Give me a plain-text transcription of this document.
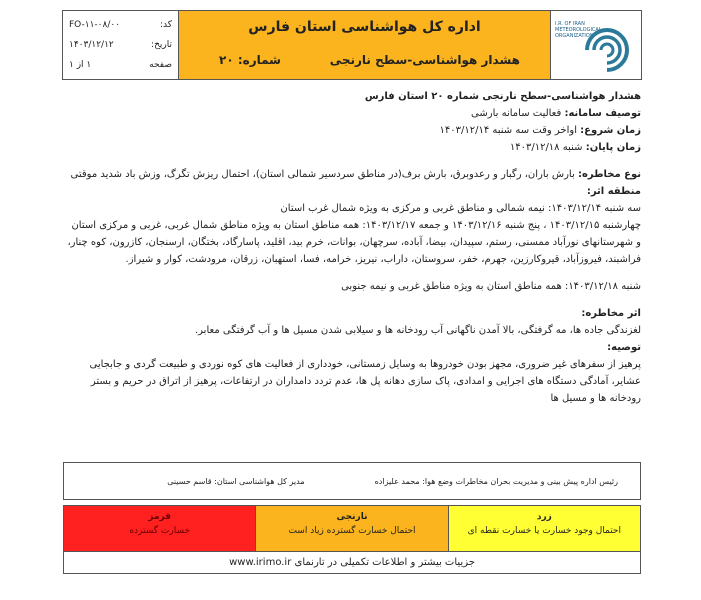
I.R. OF IRAN
METEOROLOGICAL
ORGANIZATION
اداره کل هواشناسی استان فارس
هشدار هواشناسی-سطح نارنجی
شماره: ۲۰
کد:
FO-۱۱-۰۸/۰۰
تاریخ:
۱۴۰۳/۱۲/۱۲
صفحه
۱ از ۱
هشدار هواشناسی-سطح نارنجی شماره ۲۰ استان فارس
توصیف سامانه: فعالیت سامانه بارشی
زمان شروع: اواخر وقت سه شنبه ۱۴۰۳/۱۲/۱۴
زمان پایان: شنبه ۱۴۰۳/۱۲/۱۸
نوع مخاطره: بارش باران، رگبار و رعدوبرق، بارش برف(در مناطق سردسیر شمالی استان)، احتمال ریزش تگرگ، وزش باد شدید موقتی
منطقه اثر:
سه شنبه ۱۴۰۳/۱۲/۱۴: نیمه شمالی و مناطق غربی و مرکزی به ویژه شمال غرب استان
چهارشنبه ۱۴۰۳/۱۲/۱۵ ، پنج شنبه ۱۴۰۳/۱۲/۱۶ و جمعه ۱۴۰۳/۱۲/۱۷: همه مناطق استان به ویژه مناطق شمال غربی، غربی و مرکزی استان
و شهرستانهای نورآباد ممسنی، رستم، سپیدان، بیضا، آباده، سرچهان، بوانات، خرم بید، اقلید، پاسارگاد، بختگان، ارسنجان، کازرون، کوه چنار،
فراشبند، فیروزآباد، قیروکارزین، جهرم، خفر، سروستان، داراب، نیریز، خرامه، فسا، استهبان، زرقان، مرودشت، کوار و شیراز.
شنبه ۱۴۰۳/۱۲/۱۸: همه مناطق استان به ویژه مناطق غربی و نیمه جنوبی
اثر مخاطره:
لغزندگی جاده ها، مه گرفتگی، بالا آمدن ناگهانی آب رودخانه ها و سیلابی شدن مسیل ها و آب گرفتگی معابر.
توصیه:
پرهیز از سفرهای غیر ضروری، مجهز بودن خودروها به وسایل زمستانی، خودداری از فعالیت های کوه نوردی و طبیعت گردی و جابجایی
عشایر، آمادگی دستگاه های اجرایی و امدادی، پاک سازی دهانه پل ها، عدم تردد دامداران در ارتفاعات، پرهیز از اتراق در حریم و بستر
رودخانه ها و مسیل ها
رئیس اداره پیش بینی و مدیریت بحران مخاطرات وضع هوا: محمد علیزاده
مدیر کل هواشناسی استان: قاسم حسینی
زرد
احتمال وجود خسارت یا خسارت نقطه ای
نارنجی
احتمال خسارت گسترده زیاد است
قرمز
خسارت گسترده
جزییات بیشتر و اطلاعات تکمیلی در تارنمای www.irimo.ir
